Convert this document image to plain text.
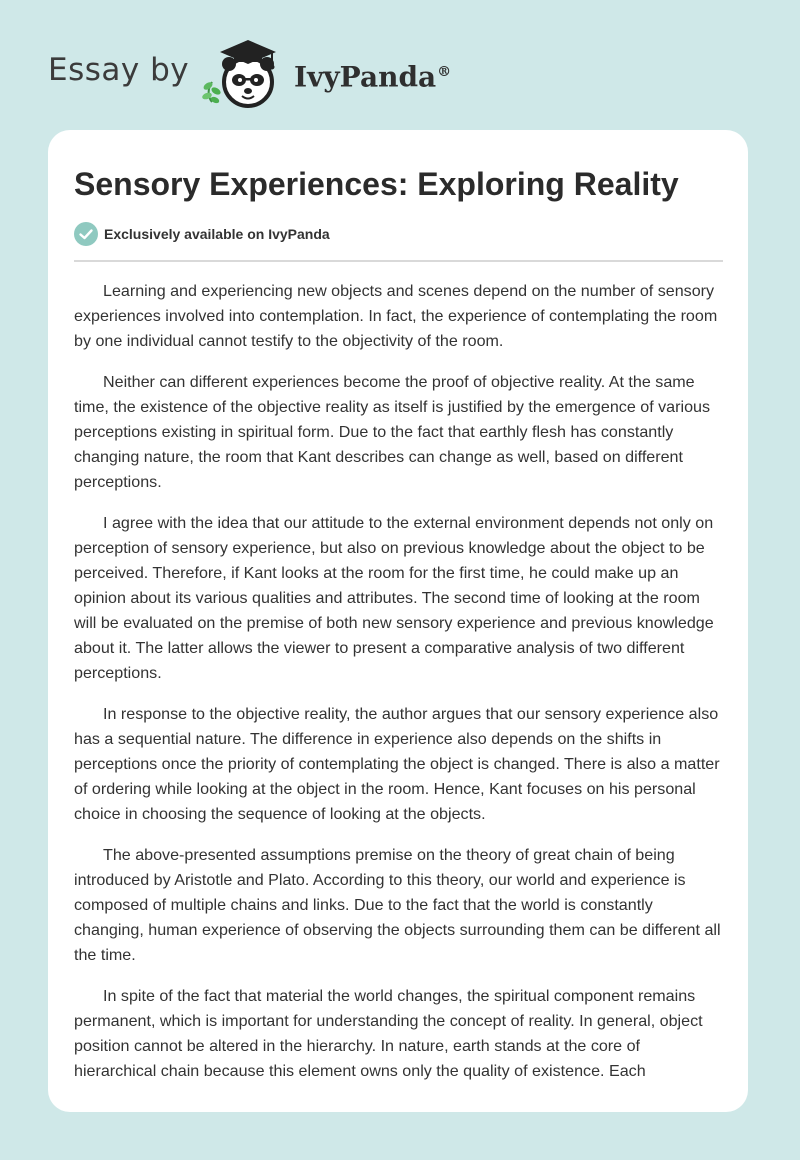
Essay by	IvyPanda®
Sensory Experiences: Exploring Reality
Exclusively available on IvyPanda

Learning and experiencing new objects and scenes depend on the number of sensory experiences involved into contemplation. In fact, the experience of contemplating the room by one individual cannot testify to the objectivity of the room.

Neither can different experiences become the proof of objective reality. At the same time, the existence of the objective reality as itself is justified by the emergence of various perceptions existing in spiritual form. Due to the fact that earthly flesh has constantly changing nature, the room that Kant describes can change as well, based on different perceptions.

I agree with the idea that our attitude to the external environment depends not only on perception of sensory experience, but also on previous knowledge about the object to be perceived. Therefore, if Kant looks at the room for the first time, he could make up an opinion about its various qualities and attributes. The second time of looking at the room will be evaluated on the premise of both new sensory experience and previous knowledge about it. The latter allows the viewer to present a comparative analysis of two different perceptions.

In response to the objective reality, the author argues that our sensory experience also has a sequential nature. The difference in experience also depends on the shifts in perceptions once the priority of contemplating the object is changed. There is also a matter of ordering while looking at the object in the room. Hence, Kant focuses on his personal choice in choosing the sequence of looking at the objects.

The above-presented assumptions premise on the theory of great chain of being introduced by Aristotle and Plato. According to this theory, our world and experience is composed of multiple chains and links. Due to the fact that the world is constantly changing, human experience of observing the objects surrounding them can be different all the time.

In spite of the fact that material the world changes, the spiritual component remains permanent, which is important for understanding the concept of reality. In general, object position cannot be altered in the hierarchy. In nature, earth stands at the core of hierarchical chain because this element owns only the quality of existence. Each
